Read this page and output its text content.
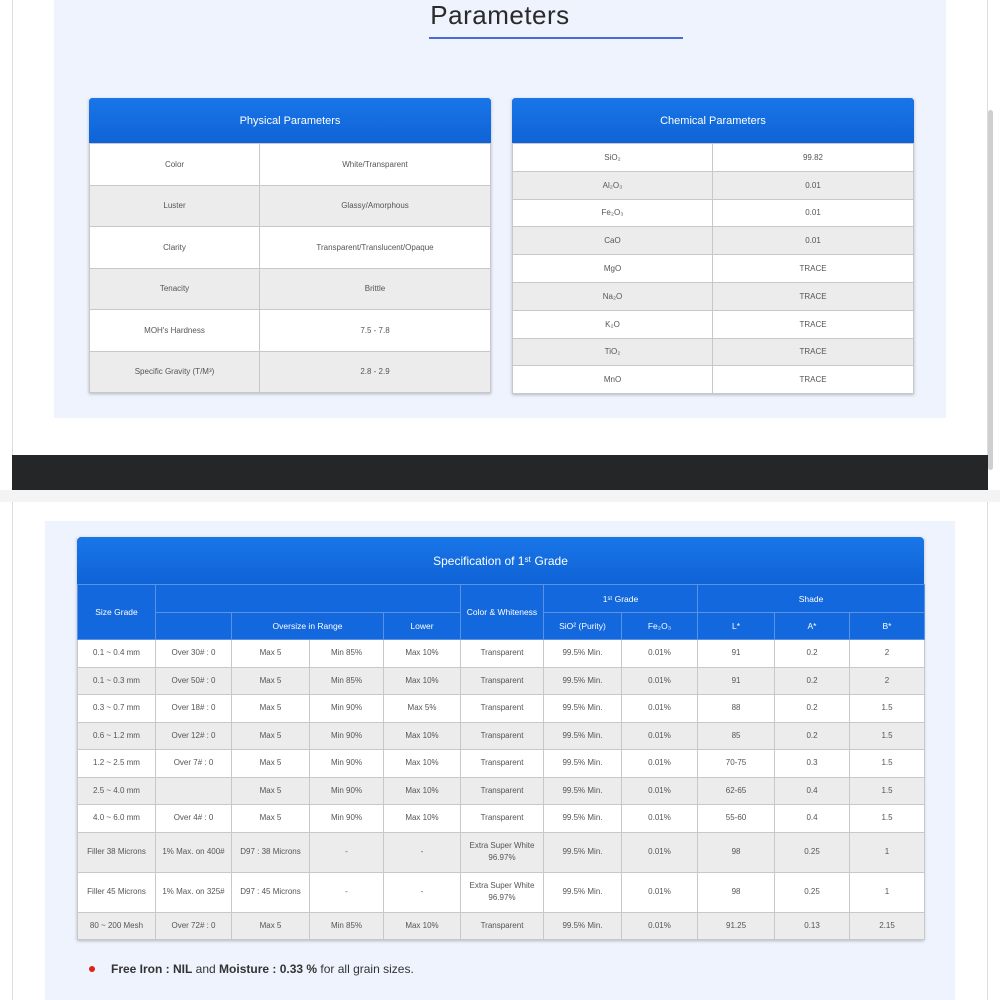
Parameters
Physical Parameters
Color	White/Transparent
Luster	Glassy/Amorphous
Clarity	Transparent/Translucent/Opaque
Tenacity	Brittle
MOH's Hardness	7.5 - 7.8
Specific Gravity (T/M³)	2.8 - 2.9
Chemical Parameters
SiO₂	99.82
Al₂O₃	0.01
Fe₂O₃	0.01
CaO	0.01
MgO	TRACE
Na₂O	TRACE
K₂O	TRACE
TiO₂	TRACE
MnO	TRACE
Specification of 1ˢᵗ Grade
Size Grade					Color & Whiteness	1ˢᵗ Grade		Shade		
		Oversize in Range		Lower		SiO² (Purity)	Fe₂O₃	L*	A*	B*
0.1 ~ 0.4 mm	Over 30# : 0	Max 5	Min 85%	Max 10%	Transparent	99.5% Min.	0.01%	91	0.2	2
0.1 ~ 0.3 mm	Over 50# : 0	Max 5	Min 85%	Max 10%	Transparent	99.5% Min.	0.01%	91	0.2	2
0.3 ~ 0.7 mm	Over 18# : 0	Max 5	Min 90%	Max 5%	Transparent	99.5% Min.	0.01%	88	0.2	1.5
0.6 ~ 1.2 mm	Over 12# : 0	Max 5	Min 90%	Max 10%	Transparent	99.5% Min.	0.01%	85	0.2	1.5
1.2 ~ 2.5 mm	Over 7# : 0	Max 5	Min 90%	Max 10%	Transparent	99.5% Min.	0.01%	70-75	0.3	1.5
2.5 ~ 4.0 mm		Max 5	Min 90%	Max 10%	Transparent	99.5% Min.	0.01%	62-65	0.4	1.5
4.0 ~ 6.0 mm	Over 4# : 0	Max 5	Min 90%	Max 10%	Transparent	99.5% Min.	0.01%	55-60	0.4	1.5
Filler 38 Microns	1% Max. on 400#	D97 : 38 Microns	-	-	Extra Super White 96.97%	99.5% Min.	0.01%	98	0.25	1
Filler 45 Microns	1% Max. on 325#	D97 : 45 Microns	-	-	Extra Super White 96.97%	99.5% Min.	0.01%	98	0.25	1
80 ~ 200 Mesh	Over 72# : 0	Max 5	Min 85%	Max 10%	Transparent	99.5% Min.	0.01%	91.25	0.13	2.15
Free Iron : NIL and Moisture : 0.33 % for all grain sizes.
